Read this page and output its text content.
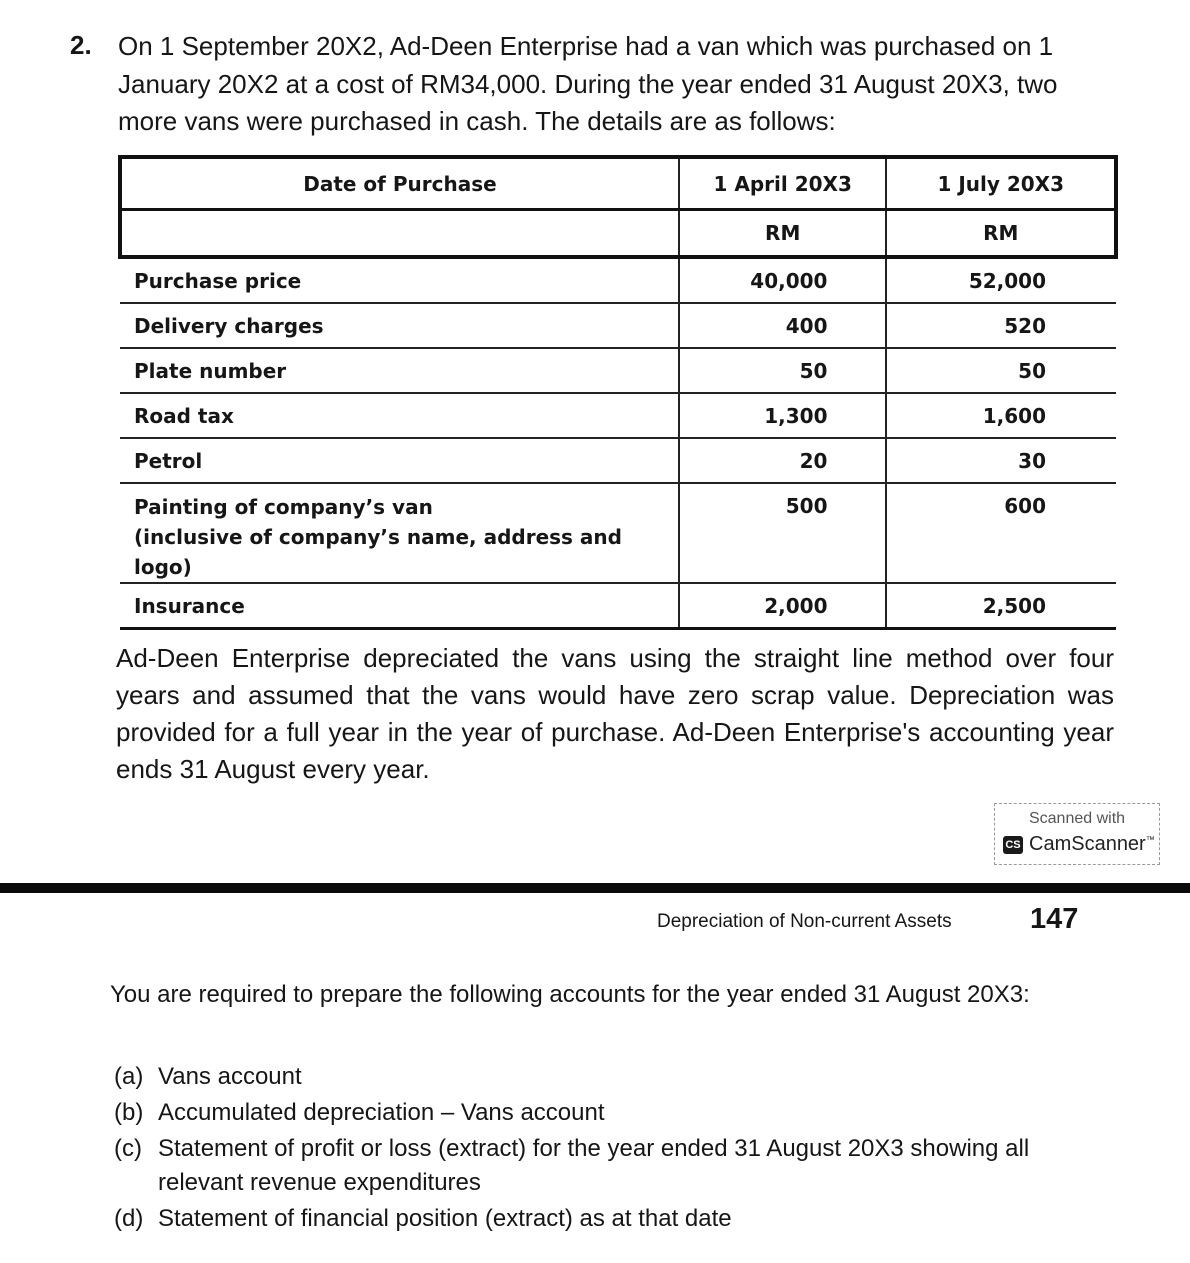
2. On 1 September 20X2, Ad-Deen Enterprise had a van which was purchased on 1 January 20X2 at a cost of RM34,000. During the year ended 31 August 20X3, two more vans were purchased in cash. The details are as follows:
Date of Purchase	1 April 20X3	1 July 20X3
	RM	RM
Purchase price	40,000	52,000
Delivery charges	400	520
Plate number	50	50
Road tax	1,300	1,600
Petrol	20	30

Painting of company’s van
(inclusive of company’s name, address and logo)	500	600
Insurance	2,000	2,500
Ad-Deen Enterprise depreciated the vans using the straight line method over four years and assumed that the vans would have zero scrap value. Depreciation was provided for a full year in the year of purchase. Ad-Deen Enterprise's accounting year ends 31 August every year.
Scanned with
CS CamScanner™
Depreciation of Non-current Assets	147
You are required to prepare the following accounts for the year ended 31 August 20X3:
(a) Vans account
(b) Accumulated depreciation – Vans account
(c) Statement of profit or loss (extract) for the year ended 31 August 20X3 showing all relevant revenue expenditures
(d) Statement of financial position (extract) as at that date
